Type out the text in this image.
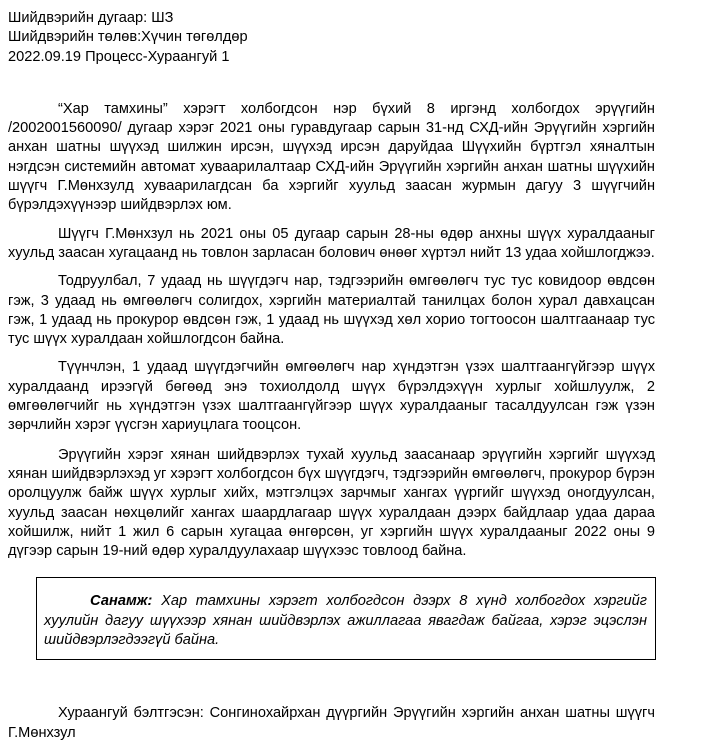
Шийдвэрийн дугаар: ШЗ

Шийдвэрийн төлөв:Хүчин төгөлдөр

2022.09.19 Процесс-Хураангуй 1

“Хар тамхины” хэрэгт холбогдсон нэр бүхий 8 иргэнд холбогдох эрүүгийн /2002001560090/ дугаар хэрэг 2021 оны гуравдугаар сарын 31-нд СХД-ийн Эрүүгийн хэргийн анхан шатны шүүхэд шилжин ирсэн, шүүхэд ирсэн даруйдаа Шүүхийн бүртгэл хяналтын нэгдсэн системийн автомат хуваарилалтаар СХД-ийн Эрүүгийн хэргийн анхан шатны шүүхийн шүүгч Г.Мөнхзулд хуваарилагдсан ба хэргийг хуульд заасан журмын дагуу 3 шүүгчийн бүрэлдэхүүнээр шийдвэрлэх юм.

Шүүгч Г.Мөнхзул нь 2021 оны 05 дугаар сарын 28-ны өдөр анхны шүүх хуралдааныг хуульд заасан хугацаанд нь товлон зарласан болович өнөөг хүртэл нийт 13 удаа хойшлогджээ.

Тодруулбал, 7 удаад нь шүүгдэгч нар, тэдгээрийн өмгөөлөгч тус тус ковидоор өвдсөн гэж, 3 удаад нь өмгөөлөгч солигдох, хэргийн материалтай танилцах болон хурал давхацсан гэж, 1 удаад нь прокурор өвдсөн гэж, 1 удаад нь шүүхэд хөл хорио тогтоосон шалтгаанаар тус тус шүүх хуралдаан хойшлогдсон байна.

Түүнчлэн, 1 удаад шүүгдэгчийн өмгөөлөгч нар хүндэтгэн үзэх шалтгаангүйгээр шүүх хуралдаанд ирээгүй бөгөөд энэ тохиолдолд шүүх бүрэлдэхүүн хурлыг хойшлуулж, 2 өмгөөлөгчийг нь хүндэтгэн үзэх шалтгаангүйгээр шүүх хуралдааныг тасалдуулсан гэж үзэн зөрчлийн хэрэг үүсгэн хариуцлага тооцсон.

Эрүүгийн хэрэг хянан шийдвэрлэх тухай хуульд заасанаар эрүүгийн хэргийг шүүхэд хянан шийдвэрлэхэд уг хэрэгт холбогдсон бүх шүүгдэгч, тэдгээрийн өмгөөлөгч, прокурор бүрэн оролцуулж байж шүүх хурлыг хийх, мэтгэлцэх зарчмыг хангах үүргийг шүүхэд оногдуулсан, хуульд заасан нөхцөлийг хангах шаардлагаар шүүх хуралдаан дээрх байдлаар удаа дараа хойшилж, нийт 1 жил 6 сарын хугацаа өнгөрсөн, уг хэргийн шүүх хуралдааныг 2022 оны 9 дүгээр сарын 19-ний өдөр хуралдуулахаар шүүхээс товлоод байна.

Санамж: Хар тамхины хэрэгт холбогдсон дээрх 8 хүнд холбогдох хэргийг хуулийн дагуу шүүхээр хянан шийдвэрлэх ажиллагаа явагдаж байгаа, хэрэг эцэслэн шийдвэрлэгдээгүй байна.

Хураангуй бэлтгэсэн: Сонгинохайрхан дүүргийн Эрүүгийн хэргийн анхан шатны шүүгч Г.Мөнхзул
